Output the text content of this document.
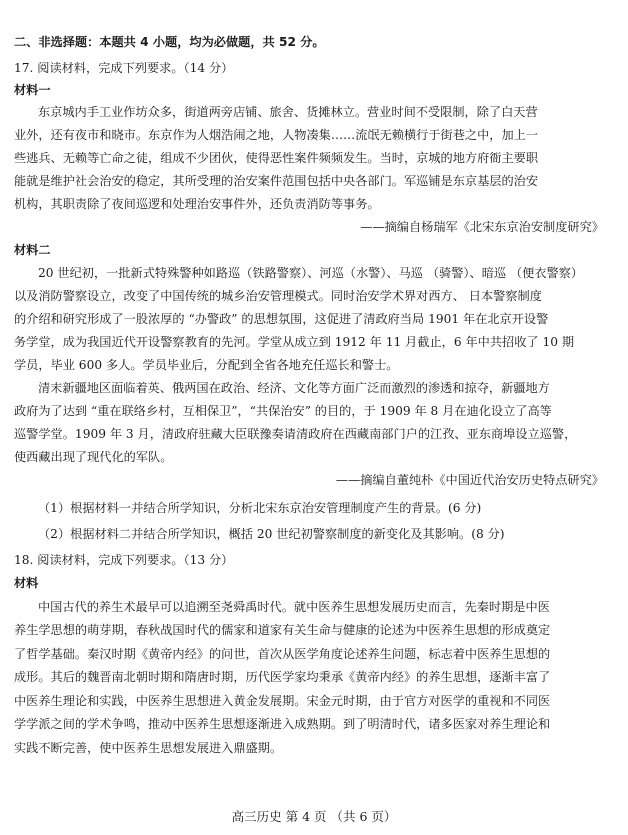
二、非选择题：本题共 4 小题，均为必做题，共 52 分。
17. 阅读材料，完成下列要求。（14 分）
材料一
东京城内手工业作坊众多，街道两旁店铺、旅舍、货摊林立。营业时间不受限制，除了白天营
业外，还有夜市和晓市。东京作为人烟浩闹之地，人物凑集……流氓无赖横行于街巷之中，加上一
些逃兵、无赖等亡命之徒，组成不少团伙，使得恶性案件频频发生。当时，京城的地方府衙主要职
能就是维护社会治安的稳定，其所受理的治安案件范围包括中央各部门。军巡铺是东京基层的治安
机构，其职责除了夜间巡逻和处理治安事件外，还负责消防等事务。
——摘编自杨瑞军《北宋东京治安制度研究》
材料二
20 世纪初，一批新式特殊警种如路巡（铁路警察）、河巡（水警）、马巡 （骑警）、暗巡 （便衣警察）
以及消防警察设立，改变了中国传统的城乡治安管理模式。同时治安学术界对西方、 日本警察制度
的介绍和研究形成了一股浓厚的 “办警政” 的思想氛围，这促进了清政府当局 1901 年在北京开设警
务学堂，成为我国近代开设警察教育的先河。学堂从成立到 1912 年 11 月截止，6 年中共招收了 10 期
学员，毕业 600 多人。学员毕业后，分配到全省各地充任巡长和警士。
清末新疆地区面临着英、俄两国在政治、经济、文化等方面广泛而激烈的渗透和掠夺，新疆地方
政府为了达到 “重在联络乡村，互相保卫”，“共保治安” 的目的，于 1909 年 8 月在迪化设立了高等
巡警学堂。1909 年 3 月，清政府驻藏大臣联豫奏请清政府在西藏南部门户的江孜、亚东商埠设立巡警，
使西藏出现了现代化的军队。
——摘编自董纯朴《中国近代治安历史特点研究》
（1）根据材料一并结合所学知识，分析北宋东京治安管理制度产生的背景。(6 分)
（2）根据材料二并结合所学知识，概括 20 世纪初警察制度的新变化及其影响。(8 分)
18. 阅读材料，完成下列要求。（13 分）
材料
中国古代的养生术最早可以追溯至尧舜禹时代。就中医养生思想发展历史而言，先秦时期是中医
养生学思想的萌芽期，春秋战国时代的儒家和道家有关生命与健康的论述为中医养生思想的形成奠定
了哲学基础。秦汉时期《黄帝内经》的问世，首次从医学角度论述养生问题，标志着中医养生思想的
成形。其后的魏晋南北朝时期和隋唐时期，历代医学家均秉承《黄帝内经》的养生思想，逐渐丰富了
中医养生理论和实践，中医养生思想进入黄金发展期。宋金元时期，由于官方对医学的重视和不同医
学学派之间的学术争鸣，推动中医养生思想逐渐进入成熟期。到了明清时代，诸多医家对养生理论和
实践不断完善，使中医养生思想发展进入鼎盛期。
高三历史 第 4 页 （共 6 页）
